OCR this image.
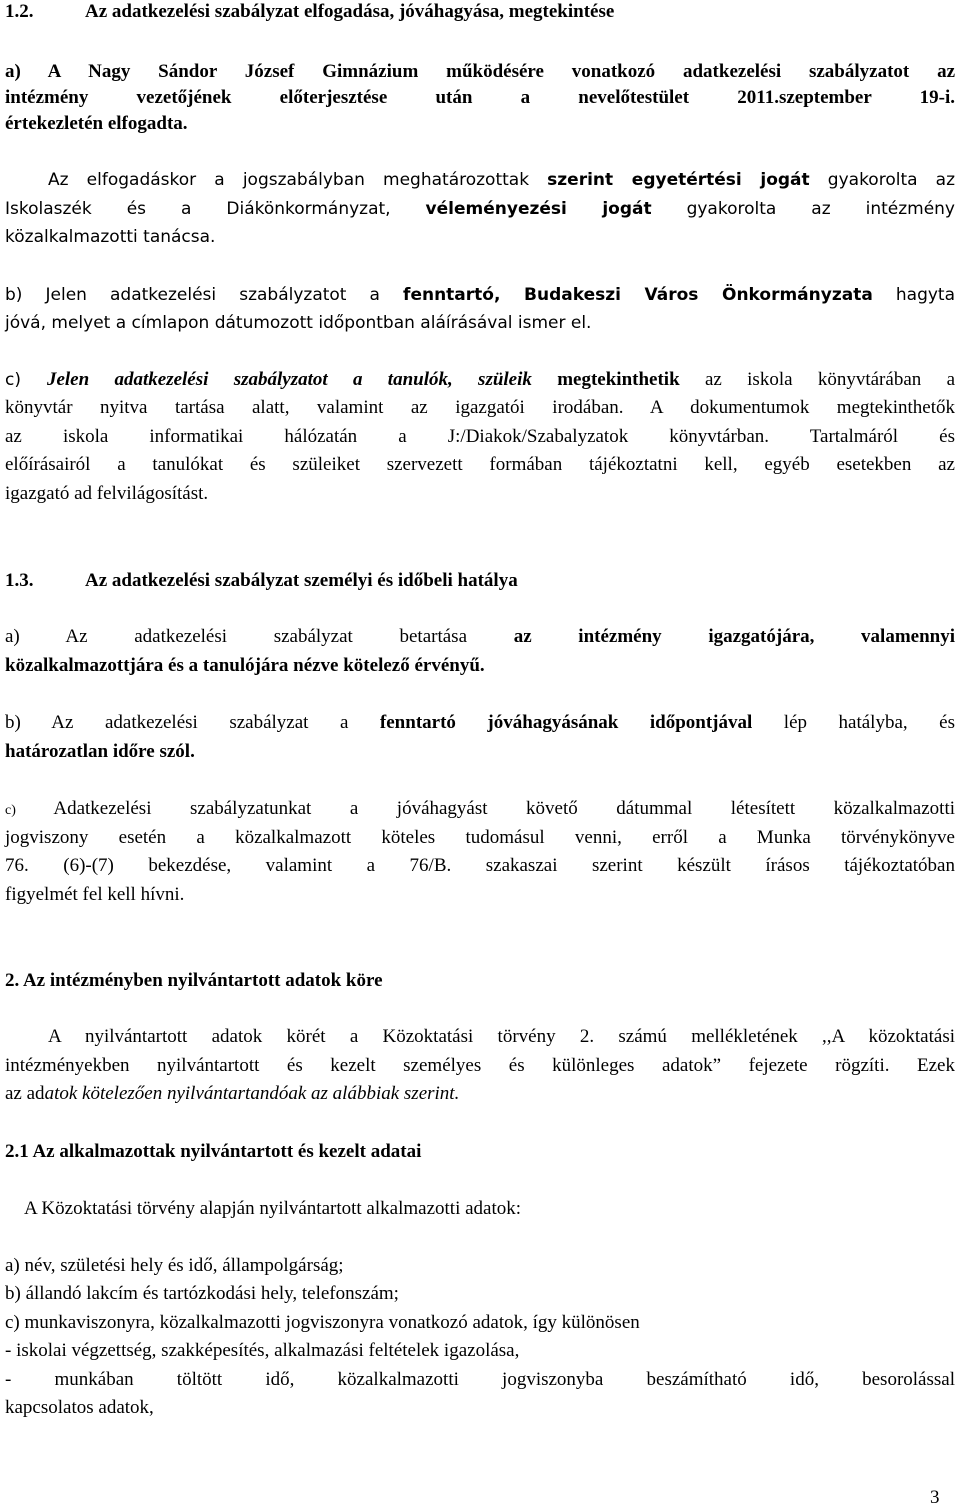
1.2.	Az adatkezelési szabályzat elfogadása, jóváhagyása, megtekintése
a) A Nagy Sándor József Gimnázium működésére vonatkozó adatkezelési szabályzatot az
intézmény vezetőjének előterjesztése után a nevelőtestület 2011.szeptember 19-i.
értekezletén elfogadta.
Az elfogadáskor a jogszabályban meghatározottak szerint egyetértési jogát gyakorolta az
Iskolaszék és a Diákönkormányzat, véleményezési jogát gyakorolta az intézmény
közalkalmazotti tanácsa.
b) Jelen adatkezelési szabályzatot a fenntartó, Budakeszi Város Önkormányzata hagyta
jóvá, melyet a címlapon dátumozott időpontban aláírásával ismer el.
c) Jelen adatkezelési szabályzatot a tanulók, szüleik megtekinthetik az iskola könyvtárában a
könyvtár nyitva tartása alatt, valamint az igazgatói irodában. A dokumentumok megtekinthetők
az iskola informatikai hálózatán a J:/Diakok/Szabalyzatok könyvtárban. Tartalmáról és
előírásairól a tanulókat és szüleiket szervezett formában tájékoztatni kell, egyéb esetekben az
igazgató ad felvilágosítást.
1.3.	Az adatkezelési szabályzat személyi és időbeli hatálya
a) Az adatkezelési szabályzat betartása az intézmény igazgatójára, valamennyi
közalkalmazottjára és a tanulójára nézve kötelező érvényű.
b) Az adatkezelési szabályzat a fenntartó jóváhagyásának időpontjával lép hatályba, és
határozatlan időre szól.
c) Adatkezelési szabályzatunkat a jóváhagyást követő dátummal létesített közalkalmazotti
jogviszony esetén a közalkalmazott köteles tudomásul venni, erről a Munka törvénykönyve
76. (6)-(7) bekezdése, valamint a 76/B. szakaszai szerint készült írásos tájékoztatóban
figyelmét fel kell hívni.
2. Az intézményben nyilvántartott adatok köre
A nyilvántartott adatok körét a Közoktatási törvény 2. számú mellékletének ,,A közoktatási
intézményekben nyilvántartott és kezelt személyes és különleges adatok” fejezete rögzíti. Ezek
az adatok kötelezően nyilvántartandóak az alábbiak szerint.
2.1 Az alkalmazottak nyilvántartott és kezelt adatai
A Közoktatási törvény alapján nyilvántartott alkalmazotti adatok:
a) név, születési hely és idő, állampolgárság;
b) állandó lakcím és tartózkodási hely, telefonszám;
c) munkaviszonyra, közalkalmazotti jogviszonyra vonatkozó adatok, így különösen
- iskolai végzettség, szakképesítés, alkalmazási feltételek igazolása,
- munkában töltött idő, közalkalmazotti jogviszonyba beszámítható idő, besorolással
kapcsolatos adatok,
3
